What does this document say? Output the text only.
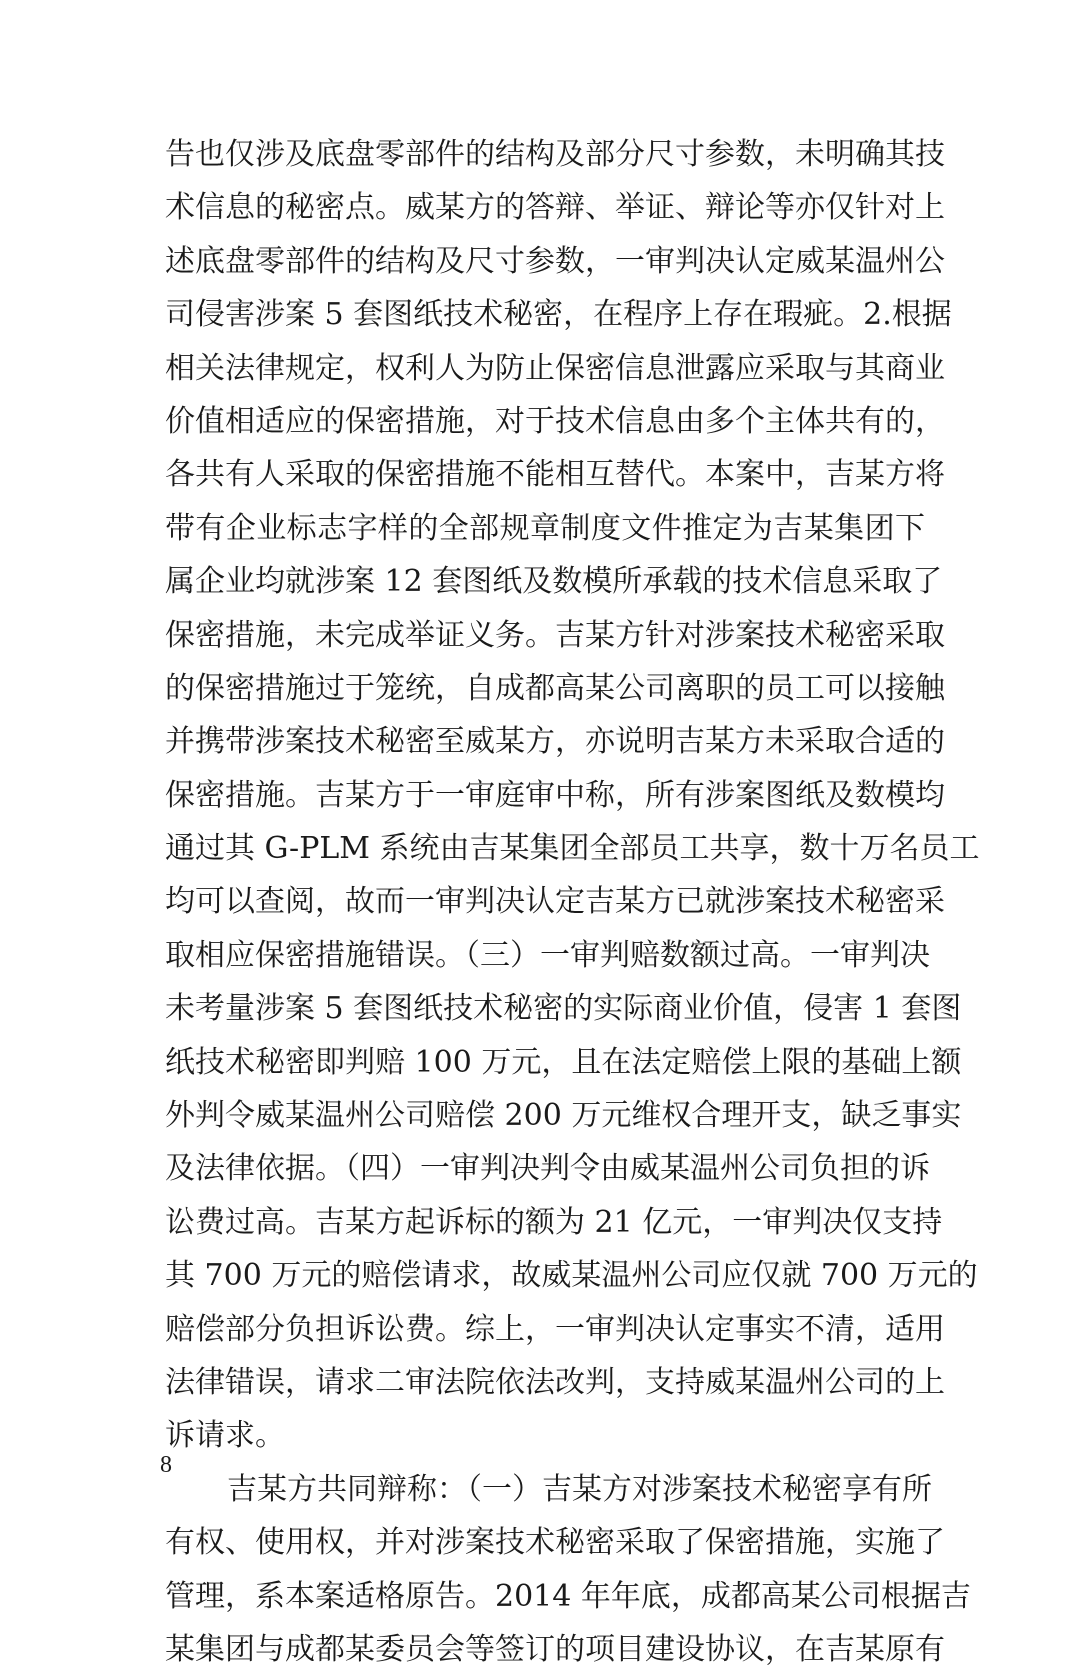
告也仅涉及底盘零部件的结构及部分尺寸参数，未明确其技
术信息的秘密点。威某方的答辩、举证、辩论等亦仅针对上
述底盘零部件的结构及尺寸参数，一审判决认定威某温州公
司侵害涉案 5 套图纸技术秘密，在程序上存在瑕疵。2.根据
相关法律规定，权利人为防止保密信息泄露应采取与其商业
价值相适应的保密措施，对于技术信息由多个主体共有的，
各共有人采取的保密措施不能相互替代。本案中，吉某方将
带有企业标志字样的全部规章制度文件推定为吉某集团下
属企业均就涉案 12 套图纸及数模所承载的技术信息采取了
保密措施，未完成举证义务。吉某方针对涉案技术秘密采取
的保密措施过于笼统，自成都高某公司离职的员工可以接触
并携带涉案技术秘密至威某方，亦说明吉某方未采取合适的
保密措施。吉某方于一审庭审中称，所有涉案图纸及数模均
通过其 G-PLM 系统由吉某集团全部员工共享，数十万名员工
均可以查阅，故而一审判决认定吉某方已就涉案技术秘密采
取相应保密措施错误。（三）一审判赔数额过高。一审判决
未考量涉案 5 套图纸技术秘密的实际商业价值，侵害 1 套图
纸技术秘密即判赔 100 万元，且在法定赔偿上限的基础上额
外判令威某温州公司赔偿 200 万元维权合理开支，缺乏事实
及法律依据。（四）一审判决判令由威某温州公司负担的诉
讼费过高。吉某方起诉标的额为 21 亿元，一审判决仅支持
其 700 万元的赔偿请求，故威某温州公司应仅就 700 万元的
赔偿部分负担诉讼费。综上，一审判决认定事实不清，适用
法律错误，请求二审法院依法改判，支持威某温州公司的上
诉请求。
吉某方共同辩称：（一）吉某方对涉案技术秘密享有所
有权、使用权，并对涉案技术秘密采取了保密措施，实施了
管理，系本案适格原告。2014 年年底，成都高某公司根据吉
某集团与成都某委员会等签订的项目建设协议，在吉某原有
8
